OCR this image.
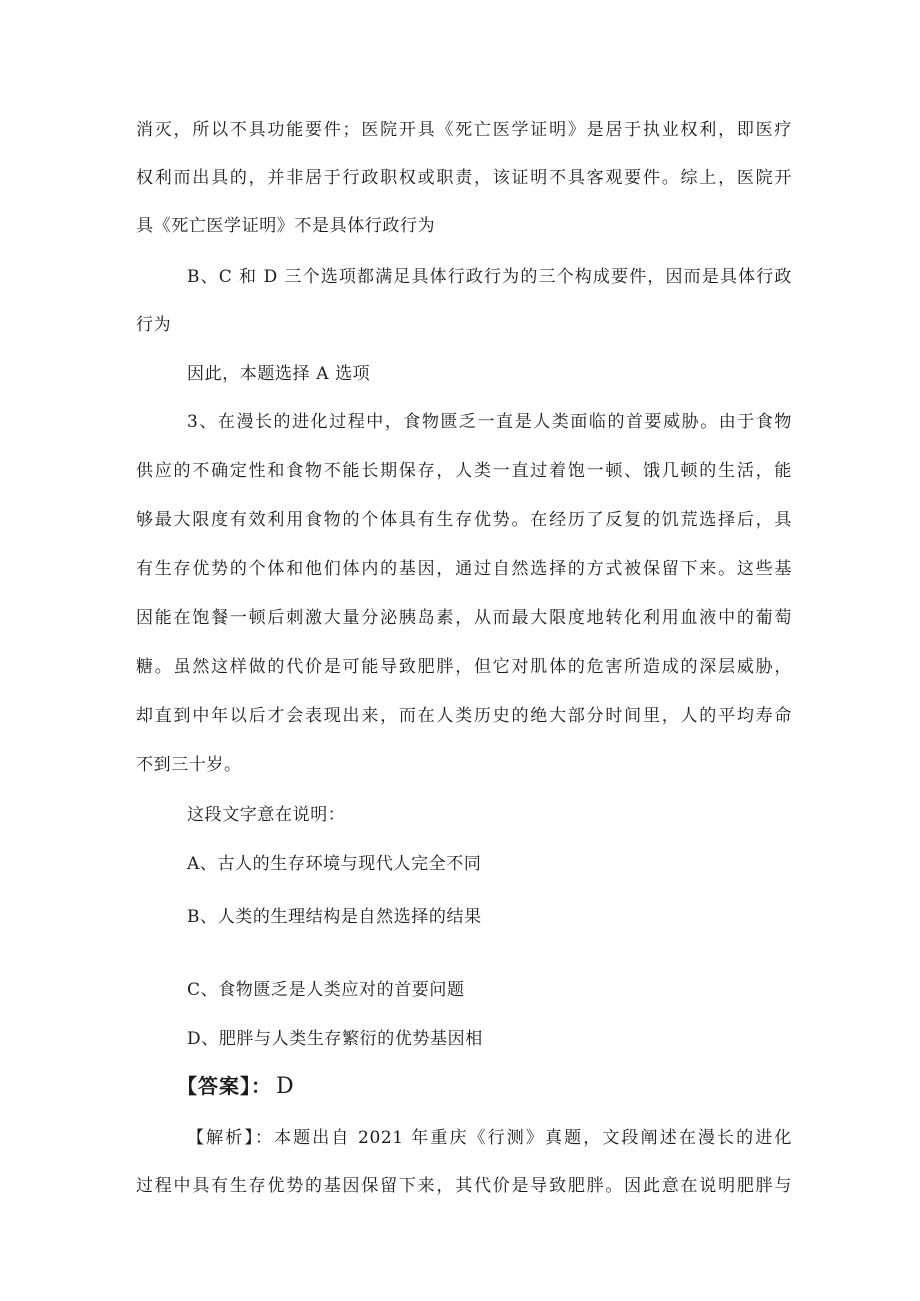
消灭，所以不具功能要件；医院开具《死亡医学证明》是居于执业权利，即医疗
权利而出具的，并非居于行政职权或职责，该证明不具客观要件。综上，医院开
具《死亡医学证明》不是具体行政行为
B、C 和 D 三个选项都满足具体行政行为的三个构成要件，因而是具体行政
行为
因此，本题选择 A 选项
3、在漫长的进化过程中，食物匮乏一直是人类面临的首要威胁。由于食物
供应的不确定性和食物不能长期保存，人类一直过着饱一顿、饿几顿的生活，能
够最大限度有效利用食物的个体具有生存优势。在经历了反复的饥荒选择后，具
有生存优势的个体和他们体内的基因，通过自然选择的方式被保留下来。这些基
因能在饱餐一顿后刺激大量分泌胰岛素，从而最大限度地转化利用血液中的葡萄
糖。虽然这样做的代价是可能导致肥胖，但它对肌体的危害所造成的深层威胁，
却直到中年以后才会表现出来，而在人类历史的绝大部分时间里，人的平均寿命
不到三十岁。
这段文字意在说明：
A、古人的生存环境与现代人完全不同
B、人类的生理结构是自然选择的结果
C、食物匮乏是人类应对的首要问题
D、肥胖与人类生存繁衍的优势基因相
【答案】： D
【解析】：本题出自 2021 年重庆《行测》真题，文段阐述在漫长的进化
过程中具有生存优势的基因保留下来，其代价是导致肥胖。因此意在说明肥胖与
